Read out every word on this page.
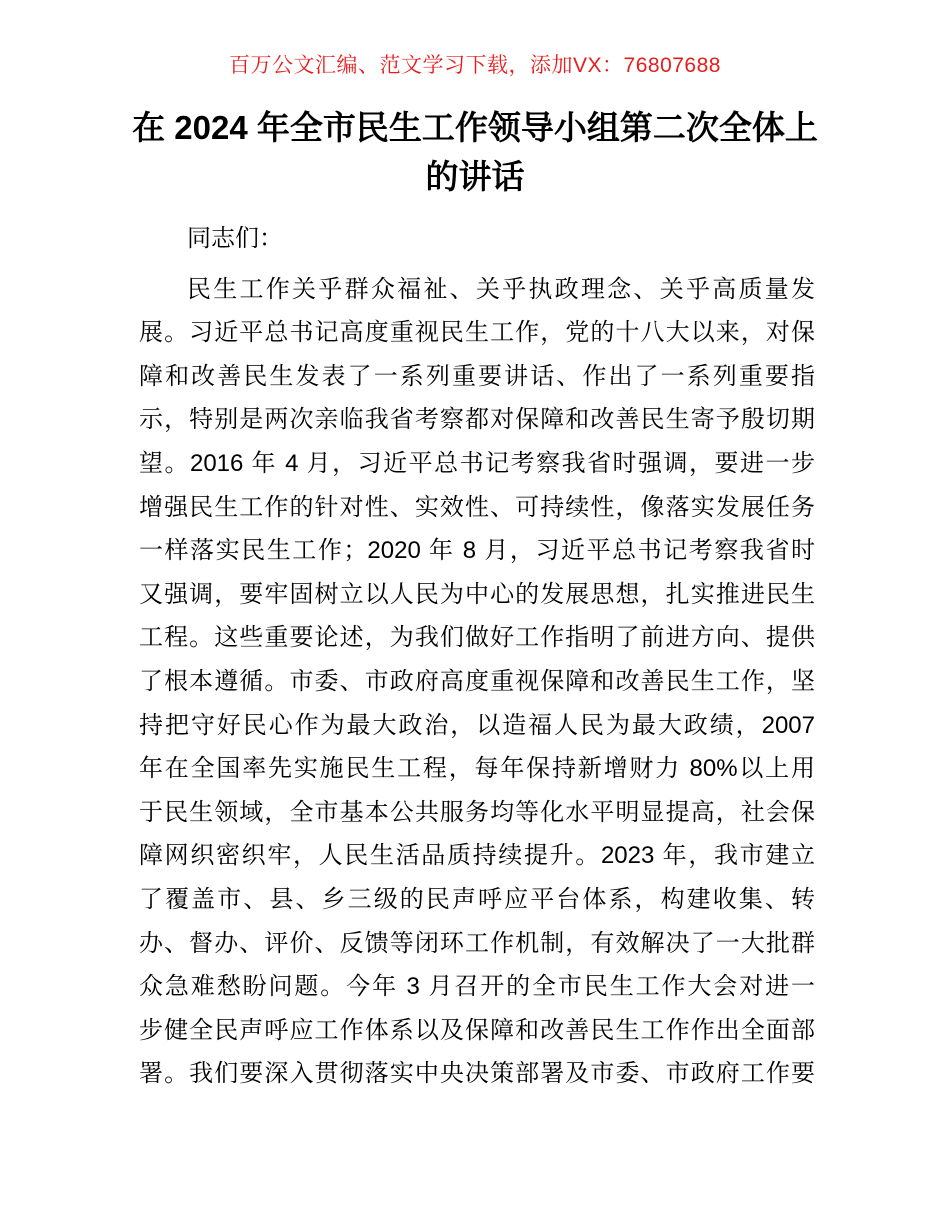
百万公文汇编、范文学习下载，添加VX：76807688
在 2024 年全市民生工作领导小组第二次全体上
的讲话

同志们：

民生工作关乎群众福祉、关乎执政理念、关乎高质量发
展。习近平总书记高度重视民生工作，党的十八大以来，对保
障和改善民生发表了一系列重要讲话、作出了一系列重要指
示，特别是两次亲临我省考察都对保障和改善民生寄予殷切期
望。2016 年 4 月，习近平总书记考察我省时强调，要进一步
增强民生工作的针对性、实效性、可持续性，像落实发展任务
一样落实民生工作；2020 年 8 月，习近平总书记考察我省时
又强调，要牢固树立以人民为中心的发展思想，扎实推进民生
工程。这些重要论述，为我们做好工作指明了前进方向、提供
了根本遵循。市委、市政府高度重视保障和改善民生工作，坚
持把守好民心作为最大政治，以造福人民为最大政绩，2007
年在全国率先实施民生工程，每年保持新增财力 80%以上用
于民生领域，全市基本公共服务均等化水平明显提高，社会保
障网织密织牢，人民生活品质持续提升。2023 年，我市建立
了覆盖市、县、乡三级的民声呼应平台体系，构建收集、转
办、督办、评价、反馈等闭环工作机制，有效解决了一大批群
众急难愁盼问题。今年 3 月召开的全市民生工作大会对进一
步健全民声呼应工作体系以及保障和改善民生工作作出全面部
署。我们要深入贯彻落实中央决策部署及市委、市政府工作要
